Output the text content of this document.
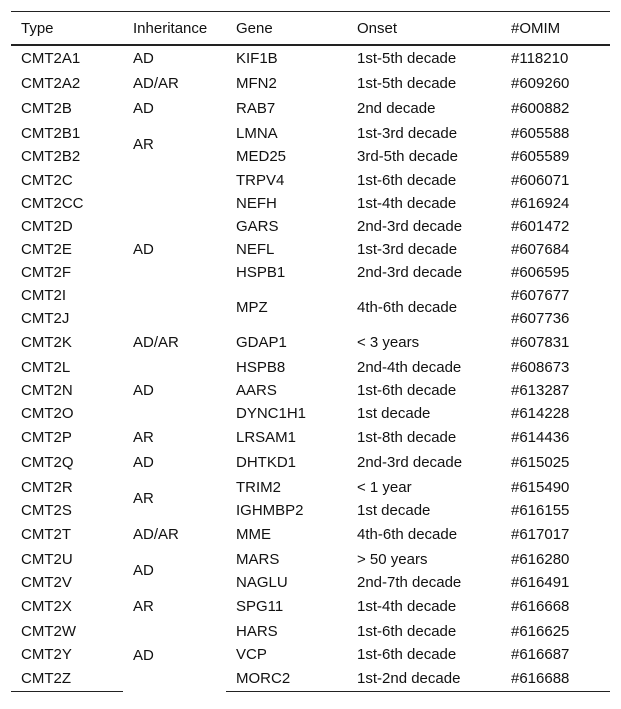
Type	Inheritance	Gene	Onset	#OMIM
CMT2A1	AD	KIF1B	1st-5th decade	#118210
CMT2A2	AD/AR	MFN2	1st-5th decade	#609260
CMT2B	AD	RAB7	2nd decade	#600882
CMT2B1	AR	LMNA	1st-3rd decade	#605588
CMT2B2		MED25	3rd-5th decade	#605589
CMT2C	AD	TRPV4	1st-6th decade	#606071
CMT2CC		NEFH	1st-4th decade	#616924
CMT2D		GARS	2nd-3rd decade	#601472
CMT2E		NEFL	1st-3rd decade	#607684
CMT2F		HSPB1	2nd-3rd decade	#606595
CMT2I		MPZ	4th-6th decade	#607677
CMT2J				#607736
CMT2K	AD/AR	GDAP1	< 3 years	#607831
CMT2L	AD	HSPB8	2nd-4th decade	#608673
CMT2N		AARS	1st-6th decade	#613287
CMT2O		DYNC1H1	1st decade	#614228
CMT2P	AR	LRSAM1	1st-8th decade	#614436
CMT2Q	AD	DHTKD1	2nd-3rd decade	#615025
CMT2R	AR	TRIM2	< 1 year	#615490
CMT2S		IGHMBP2	1st decade	#616155
CMT2T	AD/AR	MME	4th-6th decade	#617017
CMT2U	AD	MARS	> 50 years	#616280
CMT2V		NAGLU	2nd-7th decade	#616491
CMT2X	AR	SPG11	1st-4th decade	#616668
CMT2W	AD	HARS	1st-6th decade	#616625
CMT2Y		VCP	1st-6th decade	#616687
CMT2Z		MORC2	1st-2nd decade	#616688
